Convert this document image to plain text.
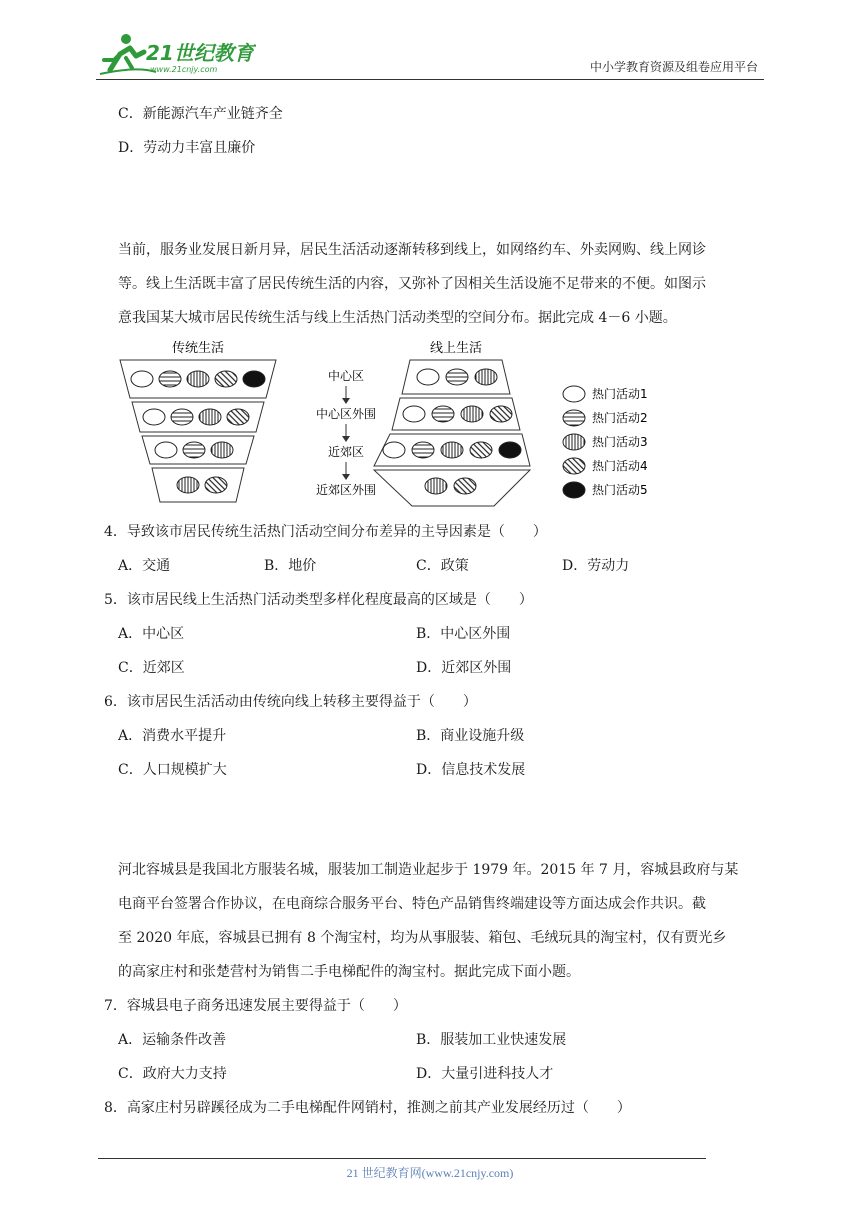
21世纪教育
www.21cnjy.com	中小学教育资源及组卷应用平台
C．新能源汽车产业链齐全
D．劳动力丰富且廉价
当前，服务业发展日新月异，居民生活活动逐渐转移到线上，如网络约车、外卖网购、线上网诊
等。线上生活既丰富了居民传统生活的内容，又弥补了因相关生活设施不足带来的不便。如图示
意我国某大城市居民传统生活与线上生活热门活动类型的空间分布。据此完成 4－6 小题。
传统生活
中心区
中心区外围
近郊区
近郊区外围
线上生活
热门活动1
热门活动2
热门活动3
热门活动4
热门活动5
4．导致该市居民传统生活热门活动空间分布差异的主导因素是（　　）
A．交通	B．地价	C．政策	D．劳动力
5．该市居民线上生活热门活动类型多样化程度最高的区域是（　　）
A．中心区	B．中心区外围
C．近郊区	D．近郊区外围
6．该市居民生活活动由传统向线上转移主要得益于（　　）
A．消费水平提升	B．商业设施升级
C．人口规模扩大	D．信息技术发展
河北容城县是我国北方服装名城，服装加工制造业起步于 1979 年。2015 年 7 月，容城县政府与某
电商平台签署合作协议，在电商综合服务平台、特色产品销售终端建设等方面达成会作共识。截
至 2020 年底，容城县已拥有 8 个淘宝村，均为从事服装、箱包、毛绒玩具的淘宝村，仅有贾光乡
的高家庄村和张楚营村为销售二手电梯配件的淘宝村。据此完成下面小题。
7．容城县电子商务迅速发展主要得益于（　　）
A．运输条件改善	B．服装加工业快速发展
C．政府大力支持	D．大量引进科技人才
8．高家庄村另辟蹊径成为二手电梯配件网销村，推测之前其产业发展经历过（　　）
21 世纪教育网(www.21cnjy.com)
